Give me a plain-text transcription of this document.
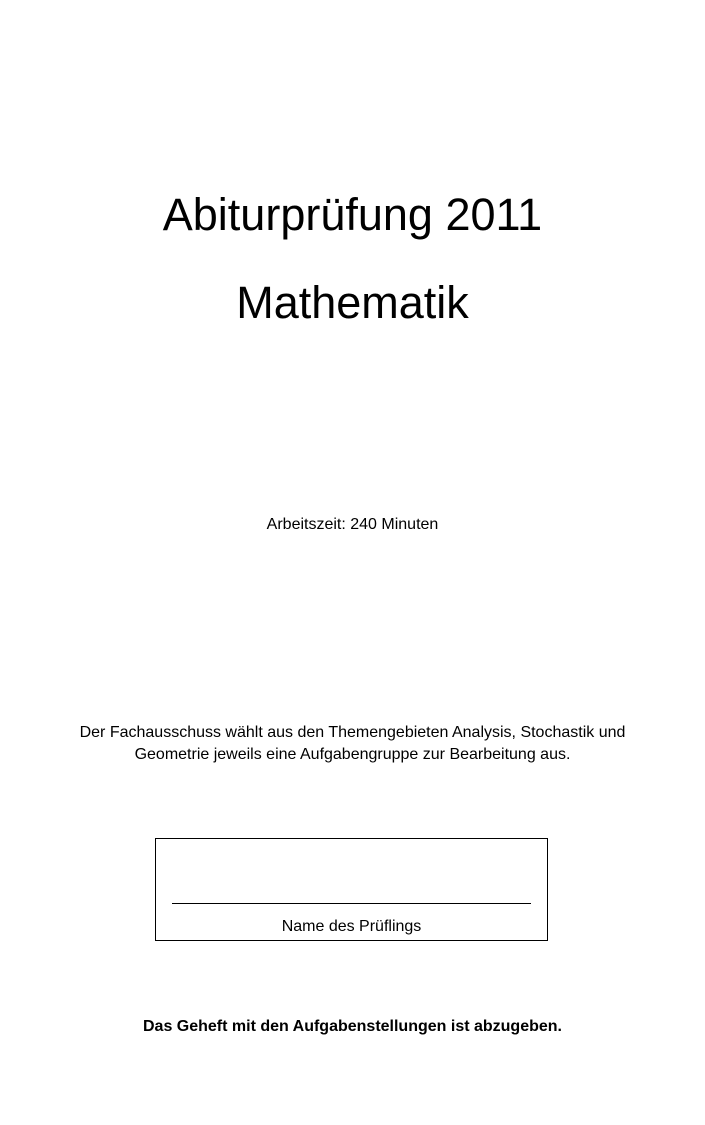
Abiturprüfung 2011
Mathematik
Arbeitszeit: 240 Minuten
Der Fachausschuss wählt aus den Themengebieten Analysis, Stochastik und
Geometrie jeweils eine Aufgabengruppe zur Bearbeitung aus.
Name des Prüflings
Das Geheft mit den Aufgabenstellungen ist abzugeben.
